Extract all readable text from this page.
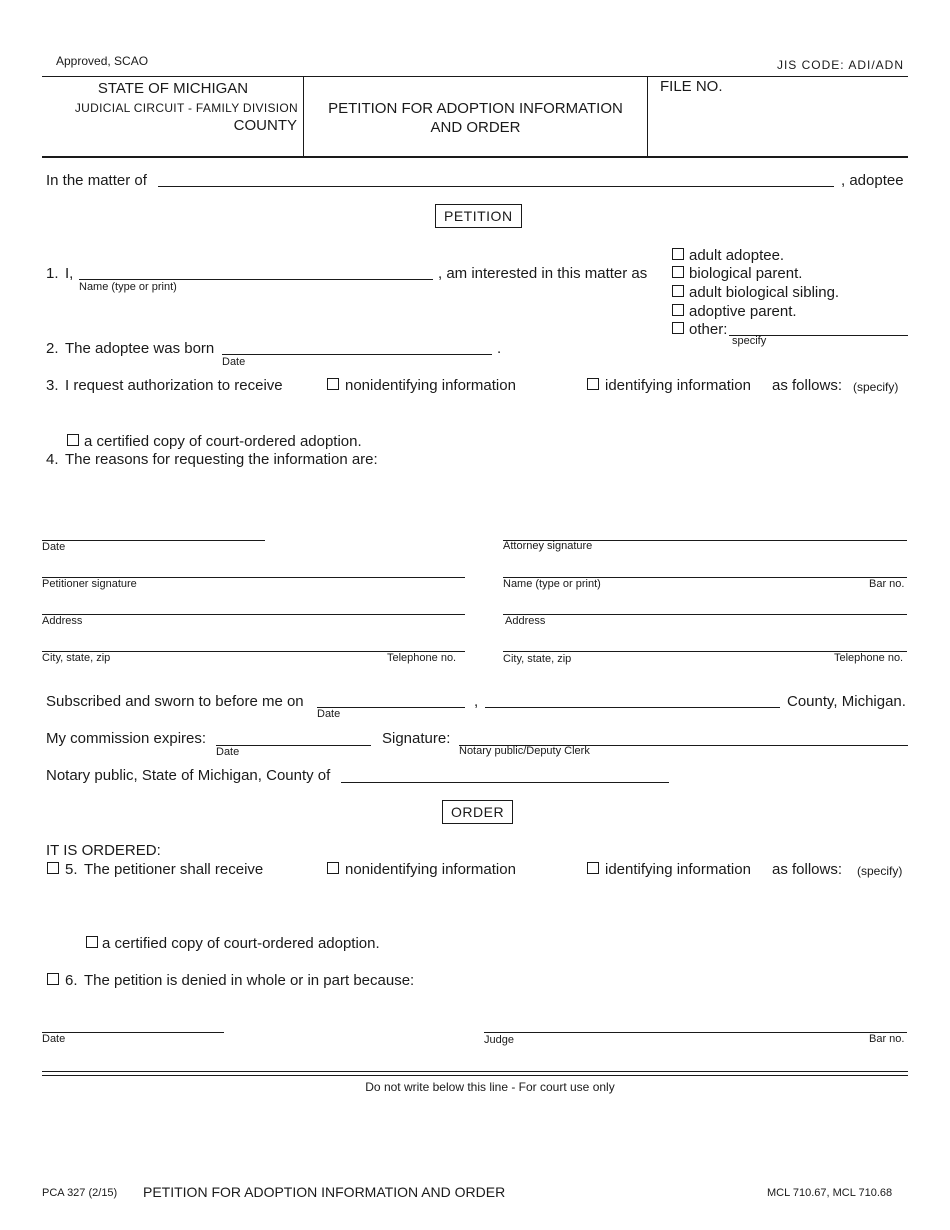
Approved, SCAO	JIS CODE: ADI/ADN
STATE OF MICHIGAN
JUDICIAL CIRCUIT - FAMILY DIVISION
COUNTY
PETITION FOR ADOPTION INFORMATION
AND ORDER
FILE NO.
In the matter of	, adoptee
PETITION
1. I,
Name (type or print)
, am interested in this matter as
adult adoptee.
biological parent.
adult biological sibling.
adoptive parent.
other:
specify
2. The adoptee was born
Date
.
3. I request authorization to receive	nonidentifying information	identifying information as follows: (specify)
a certified copy of court-ordered adoption.
4. The reasons for requesting the information are:
Date	Attorney signature
Petitioner signature	Name (type or print)	Bar no.
Address	Address
City, state, zip	Telephone no.	City, state, zip	Telephone no.
Subscribed and sworn to before me on
Date
,	County, Michigan.
My commission expires:
Date
Signature:
Notary public/Deputy Clerk
Notary public, State of Michigan, County of
ORDER
IT IS ORDERED:
5. The petitioner shall receive	nonidentifying information	identifying information as follows: (specify)
a certified copy of court-ordered adoption.
6. The petition is denied in whole or in part because:
Date	Judge	Bar no.
Do not write below this line - For court use only
PCA 327 (2/15) PETITION FOR ADOPTION INFORMATION AND ORDER	MCL 710.67, MCL 710.68
